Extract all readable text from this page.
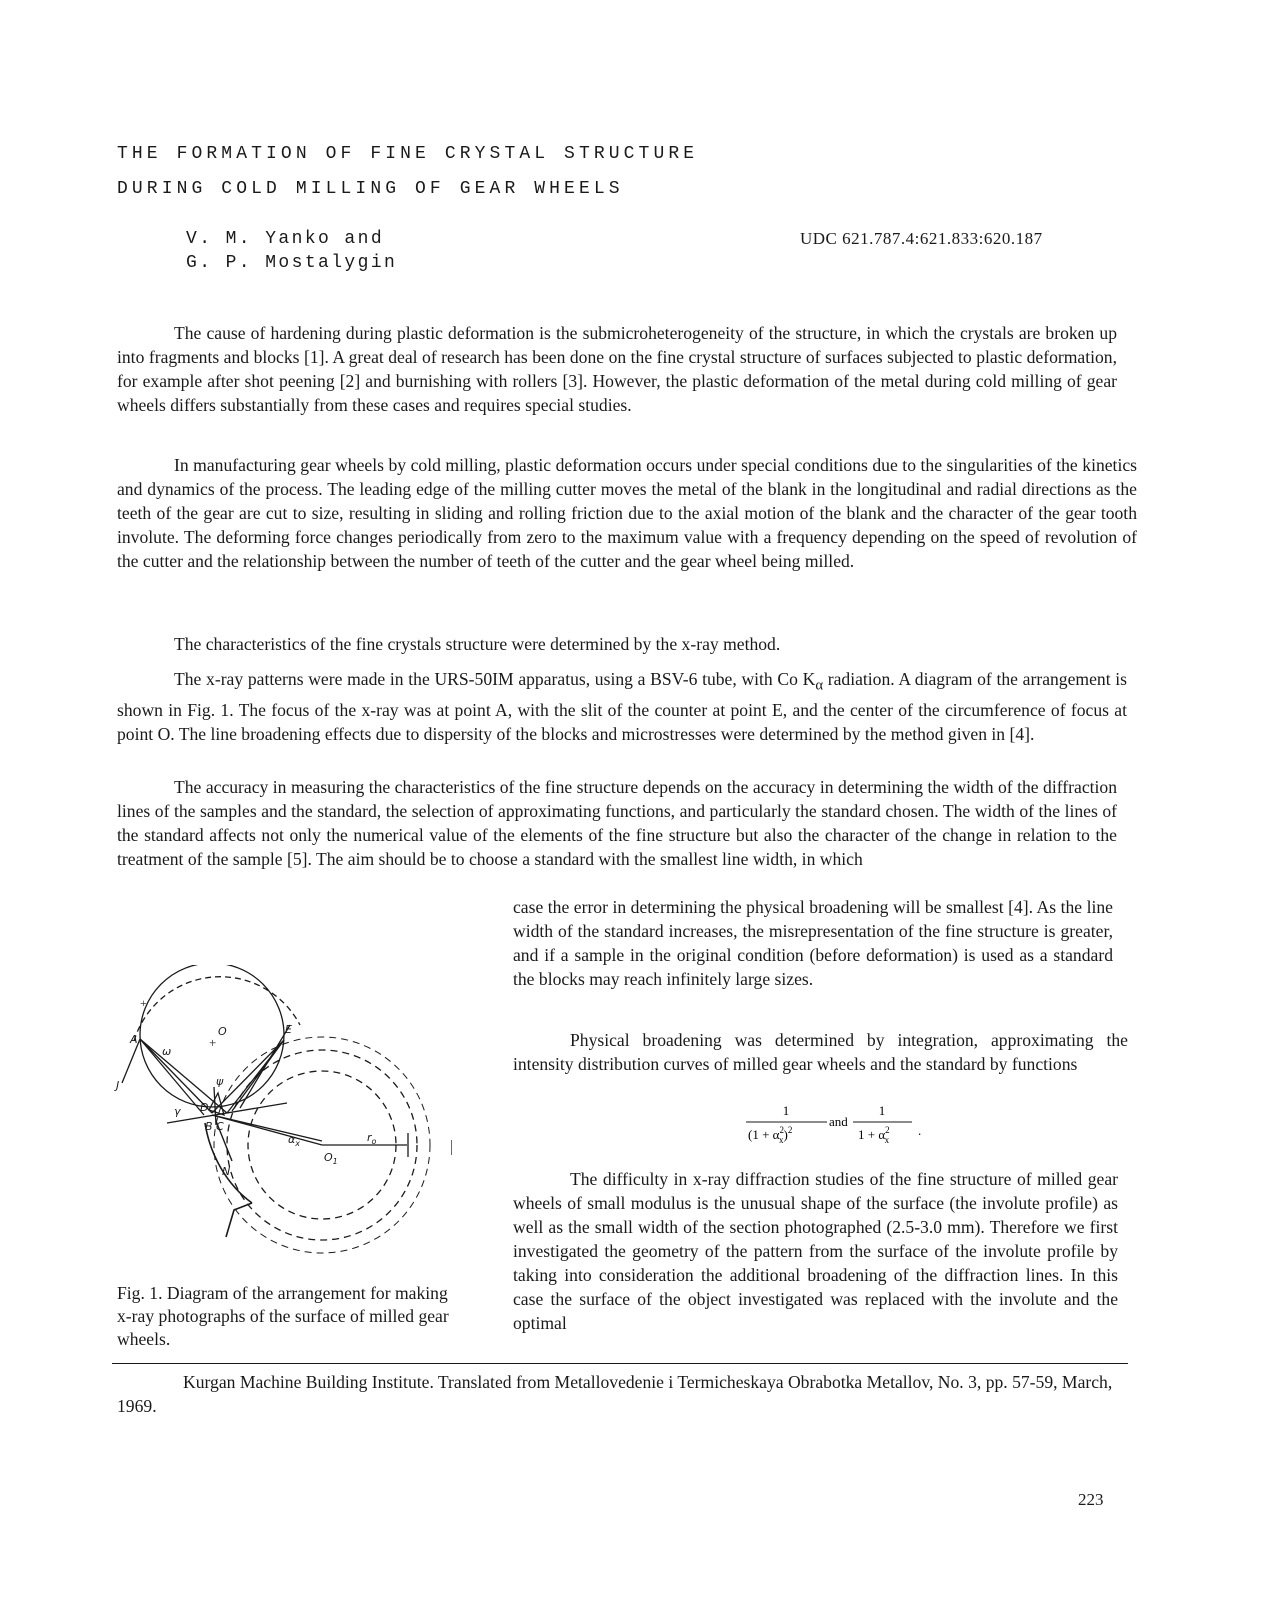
THE FORMATION OF FINE CRYSTAL STRUCTURE
DURING COLD MILLING OF GEAR WHEELS
V. M. Yanko and
G. P. Mostalygin
UDC 621.787.4:621.833:620.187

The cause of hardening during plastic deformation is the submicroheterogeneity of the structure, in which the crystals are broken up into fragments and blocks [1]. A great deal of research has been done on the fine crystal structure of surfaces subjected to plastic deformation, for example after shot peening [2] and burnishing with rollers [3]. However, the plastic deformation of the metal during cold milling of gear wheels differs substantially from these cases and requires special studies.

In manufacturing gear wheels by cold milling, plastic deformation occurs under special conditions due to the singularities of the kinetics and dynamics of the process. The leading edge of the milling cutter moves the metal of the blank in the longitudinal and radial directions as the teeth of the gear are cut to size, resulting in sliding and rolling friction due to the axial motion of the blank and the character of the gear tooth involute. The deforming force changes periodically from zero to the maximum value with a frequency depending on the speed of revolution of the cutter and the relationship between the number of teeth of the cutter and the gear wheel being milled.

The characteristics of the fine crystals structure were determined by the x-ray method.

The x-ray patterns were made in the URS-50IM apparatus, using a BSV-6 tube, with Co $K_\alpha$ radiation. A diagram of the arrangement is shown in Fig. 1. The focus of the x-ray was at point A, with the slit of the counter at point E, and the center of the circumference of focus at point O. The line broadening effects due to dispersity of the blocks and microstresses were determined by the method given in [4].

The accuracy in measuring the characteristics of the fine structure depends on the accuracy in determining the width of the diffraction lines of the samples and the standard, the selection of approximating functions, and particularly the standard chosen. The width of the lines of the standard affects not only the numerical value of the elements of the fine structure but also the character of the change in relation to the treatment of the sample [5]. The aim should be to choose a standard with the smallest line width, in which

case the error in determining the physical broadening will be smallest [4]. As the line width of the standard increases, the misrepresentation of the fine structure is greater, and if a sample in the original condition (before deformation) is used as a standard the blocks may reach infinitely large sizes.

Physical broadening was determined by integration, approximating the intensity distribution curves of milled gear wheels and the standard by functions

1
($1 + \alpha^2$ x)$^2$
and
1
$1 + \alpha^2$ x
.

The difficulty in x-ray diffraction studies of the fine structure of milled gear wheels of small modulus is the unusual shape of the surface (the involute profile) as well as the small width of the section photographed (2.5-3.0 mm). Therefore we first investigated the geometry of the pattern from the surface of the involute profile by taking into consideration the additional broadening of the diffraction lines. In this case the surface of the object investigated was replaced with the involute and the optimal

+
A
E
O
+
ω
ψ
D
B C
γ
$\alpha_x$
$O_1$
$r_o$
N
J

Fig. 1. Diagram of the arrangement for making x-ray photographs of the surface of milled gear wheels.

Kurgan Machine Building Institute. Translated from Metallovedenie i Termicheskaya Obrabotka Metallov, No. 3, pp. 57-59, March, 1969.

223
